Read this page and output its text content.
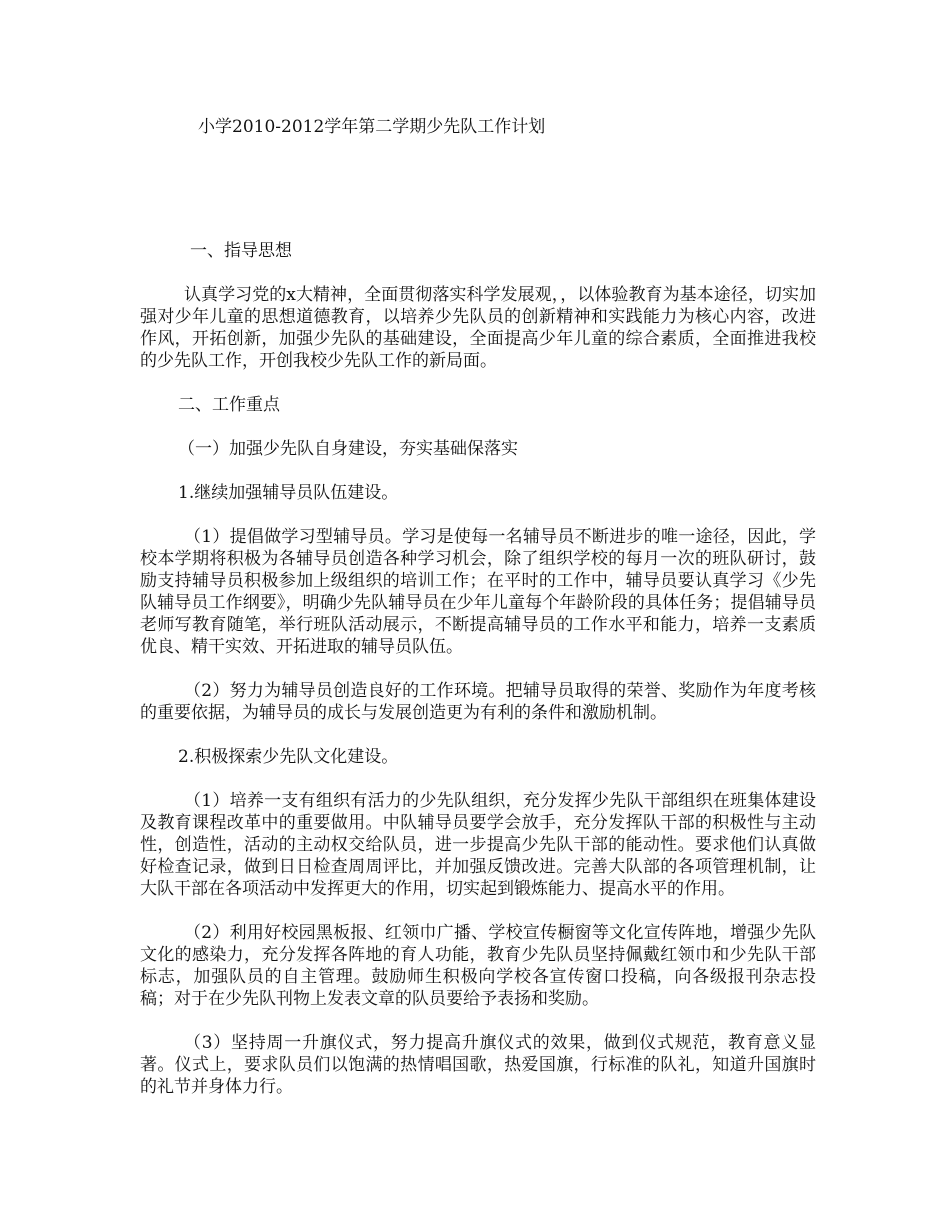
小学2010-2012学年第二学期少先队工作计划
一、指导思想

认真学习党的x大精神，全面贯彻落实科学发展观，，以体验教育为基本途径，切实加强对少年儿童的思想道德教育，以培养少先队员的创新精神和实践能力为核心内容，改进作风，开拓创新，加强少先队的基础建设，全面提高少年儿童的综合素质，全面推进我校的少先队工作，开创我校少先队工作的新局面。

二、工作重点
（一）加强少先队自身建设，夯实基础保落实
1.继续加强辅导员队伍建设。

（1）提倡做学习型辅导员。学习是使每一名辅导员不断进步的唯一途径，因此，学校本学期将积极为各辅导员创造各种学习机会，除了组织学校的每月一次的班队研讨，鼓励支持辅导员积极参加上级组织的培训工作；在平时的工作中，辅导员要认真学习《少先队辅导员工作纲要》，明确少先队辅导员在少年儿童每个年龄阶段的具体任务；提倡辅导员老师写教育随笔，举行班队活动展示，不断提高辅导员的工作水平和能力，培养一支素质优良、精干实效、开拓进取的辅导员队伍。

（2）努力为辅导员创造良好的工作环境。把辅导员取得的荣誉、奖励作为年度考核的重要依据，为辅导员的成长与发展创造更为有利的条件和激励机制。

2.积极探索少先队文化建设。

（1）培养一支有组织有活力的少先队组织，充分发挥少先队干部组织在班集体建设及教育课程改革中的重要做用。中队辅导员要学会放手，充分发挥队干部的积极性与主动性，创造性，活动的主动权交给队员，进一步提高少先队干部的能动性。要求他们认真做好检查记录，做到日日检查周周评比，并加强反馈改进。完善大队部的各项管理机制，让大队干部在各项活动中发挥更大的作用，切实起到锻炼能力、提高水平的作用。

（2）利用好校园黑板报、红领巾广播、学校宣传橱窗等文化宣传阵地，增强少先队文化的感染力，充分发挥各阵地的育人功能，教育少先队员坚持佩戴红领巾和少先队干部标志，加强队员的自主管理。鼓励师生积极向学校各宣传窗口投稿，向各级报刊杂志投稿；对于在少先队刊物上发表文章的队员要给予表扬和奖励。

（3）坚持周一升旗仪式，努力提高升旗仪式的效果，做到仪式规范，教育意义显著。仪式上，要求队员们以饱满的热情唱国歌，热爱国旗，行标准的队礼，知道升国旗时的礼节并身体力行。
